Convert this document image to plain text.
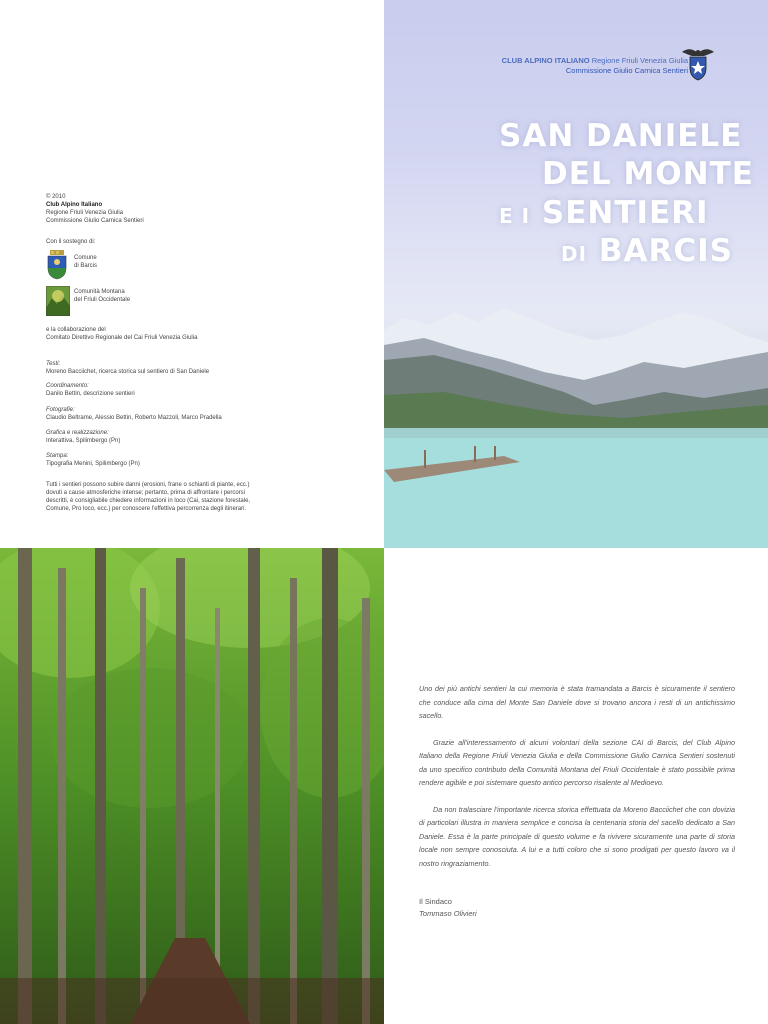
© 2010
Club Alpino Italiano
Regione Friuli Venezia Giulia
Commissione Giulio Carnica Sentieri
Con il sostegno di:
Comune
di Barcis
Comunità Montana
del Friuli Occidentale
e la collaborazione del
Comitato Direttivo Regionale del Cai Friuli Venezia Giulia
Testi:
Moreno Bacciichet, ricerca storica sul sentiero di San Daniele
Coordinamento:
Danilo Bettin, descrizione sentieri
Fotografie:
Claudio Beltrame, Alessio Bettin, Roberto Mazzoli, Marco Pradella
Grafica e realizzazione:
Interattiva, Spilimbergo (Pn)
Stampa:
Tipografia Menini, Spilimbergo (Pn)
Tutti i sentieri possono subire danni (erosioni, frane o schianti di piante, ecc.)
dovuti a cause atmosferiche intense; pertanto, prima di affrontare i percorsi
descritti, è consigliabile chiedere informazioni in loco (Cai, stazione forestale,
Comune, Pro loco, ecc.) per conoscere l'effettiva percorrenza degli itinerari.
CLUB ALPINO ITALIANO Regione Friuli Venezia Giulia
Commissione Giulio Carnica Sentieri
SAN DANIELE
DEL MONTE
E I SENTIERI
DI BARCIS

Uno dei più antichi sentieri la cui memoria è stata tramandata a Barcis è sicuramente il sentiero che conduce alla cima del Monte San Daniele dove si trovano ancora i resti di un antichissimo sacello.

Grazie all'interessamento di alcuni volontari della sezione CAI di Barcis, del Club Alpino Italiano della Regione Friuli Venezia Giulia e della Commissione Giulio Carnica Sentieri sostenuti da uno specifico contributo della Comunità Montana del Friuli Occidentale è stato possibile prima rendere agibile e poi sistemare questo antico percorso risalente al Medioevo.

Da non tralasciare l'importante ricerca storica effettuata da Moreno Bacciichet che con dovizia di particolari illustra in maniera semplice e concisa la centenaria storia del sacello dedicato a San Daniele. Essa è la parte principale di questo volume e fa rivivere sicuramente una parte di storia locale non sempre conosciuta. A lui e a tutti coloro che si sono prodigati per questo lavoro va il nostro ringraziamento.

Il Sindaco
Tommaso Olivieri
